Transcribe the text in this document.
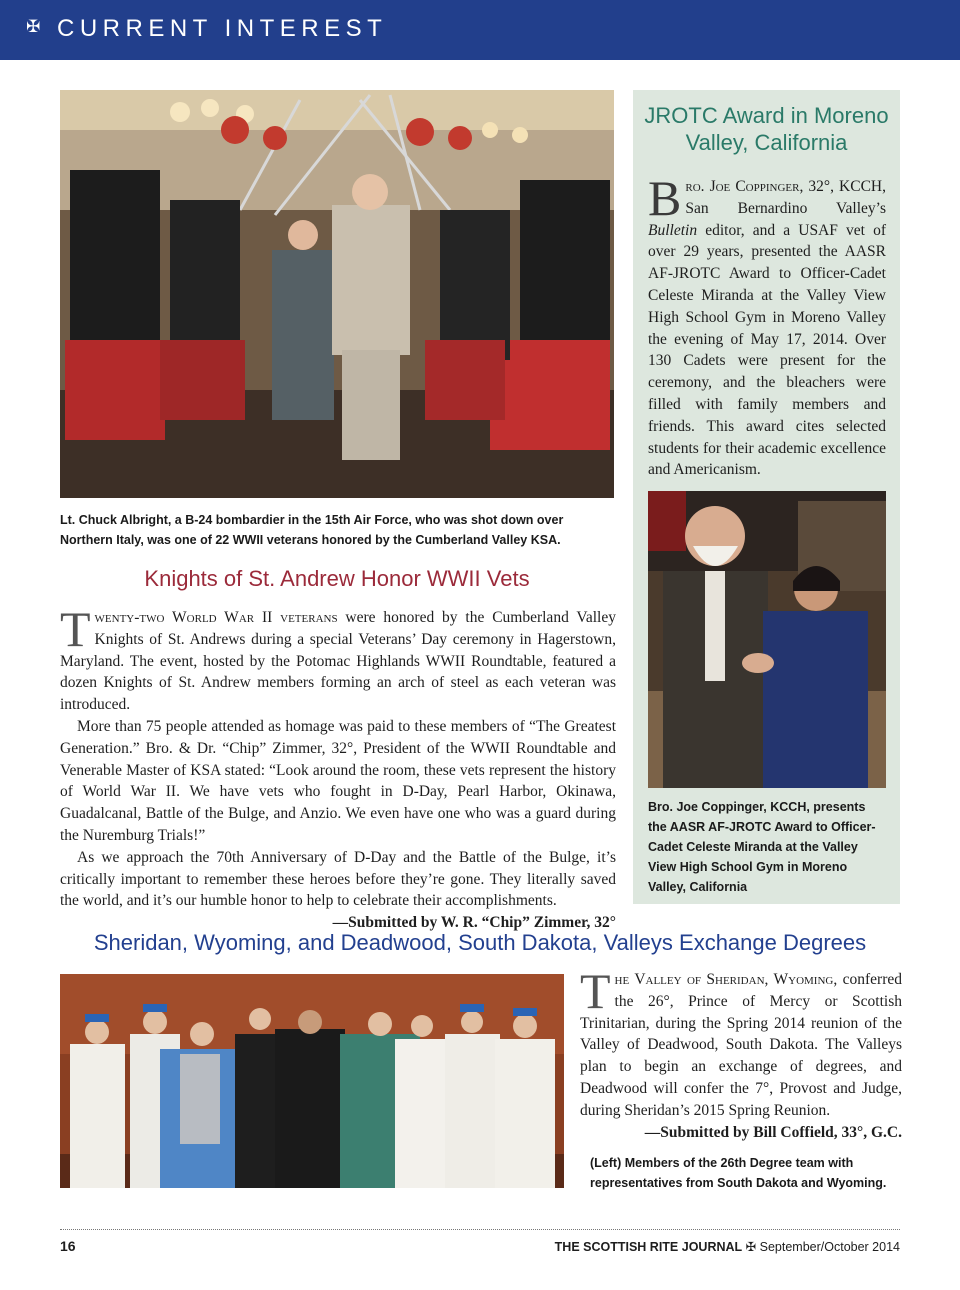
✠ CURRENT INTEREST
Lt. Chuck Albright, a B-24 bombardier in the 15th Air Force, who was shot down over Northern Italy, was one of 22 WWII veterans honored by the Cumberland Valley KSA.
Knights of St. Andrew Honor WWII Vets

Twenty-two World War II veterans were honored by the Cumberland Valley Knights of St. Andrews during a special Veterans’ Day ceremony in Hagerstown, Maryland. The event, hosted by the Potomac Highlands WWII Roundtable, featured a dozen Knights of St. Andrew members forming an arch of steel as each veteran was introduced.

More than 75 people attended as homage was paid to these members of “The Greatest Generation.” Bro. & Dr. “Chip” Zimmer, 32°, President of the WWII Roundtable and Venerable Master of KSA stated: “Look around the room, these vets represent the history of World War II. We have vets who fought in D-Day, Pearl Harbor, Okinawa, Guadalcanal, Battle of the Bulge, and Anzio. We even have one who was a guard during the Nuremburg Trials!”

As we approach the 70th Anniversary of D-Day and the Battle of the Bulge, it’s critically important to remember these heroes before they’re gone. They literally saved the world, and it’s our humble honor to help to celebrate their accomplishments.

—Submitted by W. R. “Chip” Zimmer, 32°

JROTC Award in Moreno
Valley, California

Bro. Joe Coppinger, 32°, KCCH, San Bernardino Valley’s Bulletin editor, and a USAF vet of over 29 years, presented the AASR AF-JROTC Award to Officer-Cadet Celeste Miranda at the Valley View High School Gym in Moreno Valley the evening of May 17, 2014. Over 130 Cadets were present for the ceremony, and the bleachers were filled with family members and friends. This award cites selected students for their academic excellence and Americanism.

Bro. Joe Coppinger, KCCH, presents the AASR AF-JROTC Award to Officer-Cadet Celeste Miranda at the Valley View High School Gym in Moreno Valley, California
Sheridan, Wyoming, and Deadwood, South Dakota, Valleys Exchange Degrees

The Valley of Sheridan, Wyoming, conferred the 26°, Prince of Mercy or Scottish Trinitarian, during the Spring 2014 reunion of the Valley of Deadwood, South Dakota. The Valleys plan to begin an exchange of degrees, and Deadwood will confer the 7°, Provost and Judge, during Sheridan’s 2015 Spring Reunion.

—Submitted by Bill Coffield, 33°, G.C.

(Left) Members of the 26th Degree team with representatives from South Dakota and Wyoming.
16	THE SCOTTISH RITE JOURNAL ✠ September/October 2014
